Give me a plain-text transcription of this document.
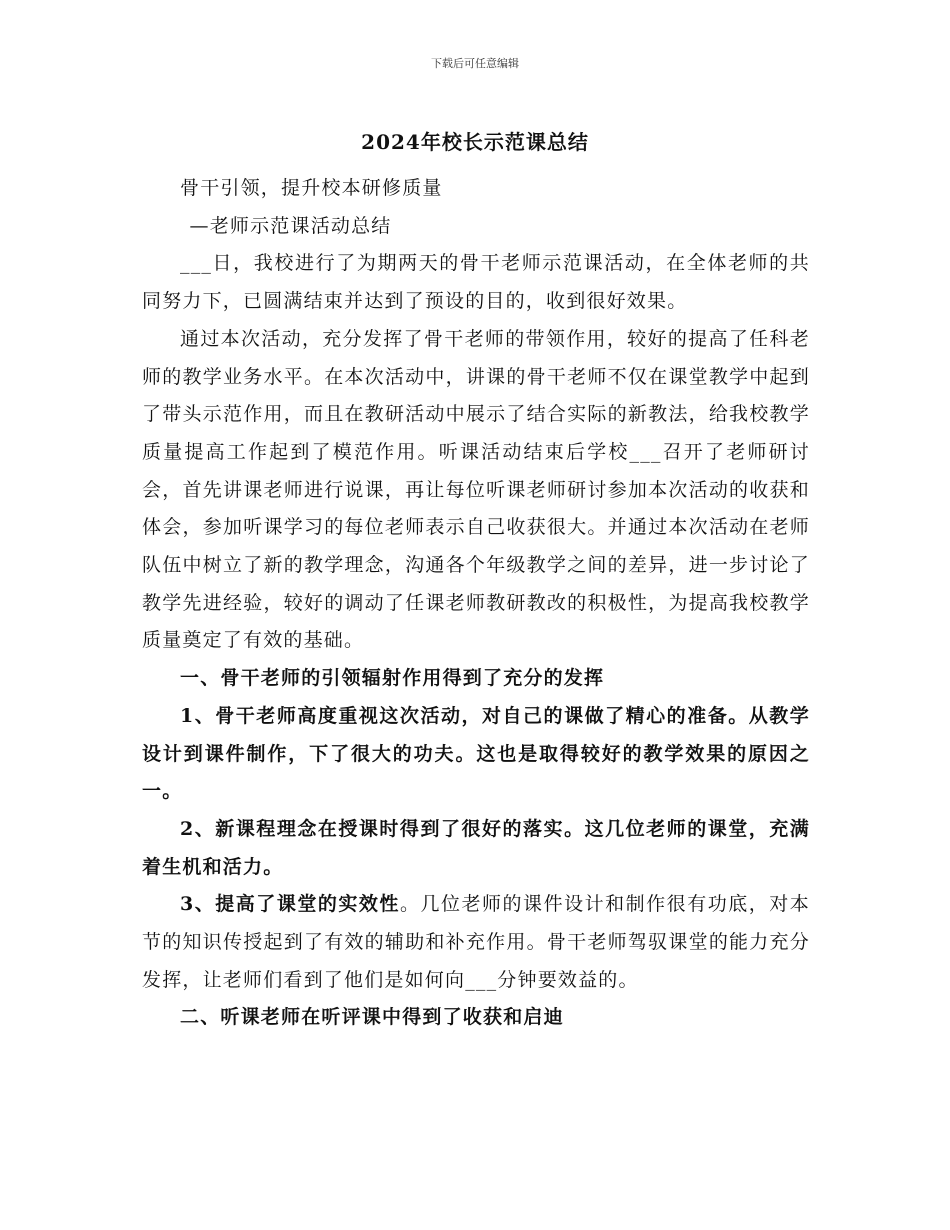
下载后可任意编辑
2024年校长示范课总结

骨干引领，提升校本研修质量

—老师示范课活动总结

___日，我校进行了为期两天的骨干老师示范课活动，在全体老师的共同努力下，已圆满结束并达到了预设的目的，收到很好效果。

通过本次活动，充分发挥了骨干老师的带领作用，较好的提高了任科老师的教学业务水平。在本次活动中，讲课的骨干老师不仅在课堂教学中起到了带头示范作用，而且在教研活动中展示了结合实际的新教法，给我校教学质量提高工作起到了模范作用。听课活动结束后学校___召开了老师研讨会，首先讲课老师进行说课，再让每位听课老师研讨参加本次活动的收获和体会，参加听课学习的每位老师表示自己收获很大。并通过本次活动在老师队伍中树立了新的教学理念，沟通各个年级教学之间的差异，进一步讨论了教学先进经验，较好的调动了任课老师教研教改的积极性，为提高我校教学质量奠定了有效的基础。

一、骨干老师的引领辐射作用得到了充分的发挥

1、骨干老师高度重视这次活动，对自己的课做了精心的准备。从教学设计到课件制作，下了很大的功夫。这也是取得较好的教学效果的原因之一。

2、新课程理念在授课时得到了很好的落实。这几位老师的课堂，充满着生机和活力。

3、提高了课堂的实效性。几位老师的课件设计和制作很有功底，对本节的知识传授起到了有效的辅助和补充作用。骨干老师驾驭课堂的能力充分发挥，让老师们看到了他们是如何向___分钟要效益的。

二、听课老师在听评课中得到了收获和启迪
